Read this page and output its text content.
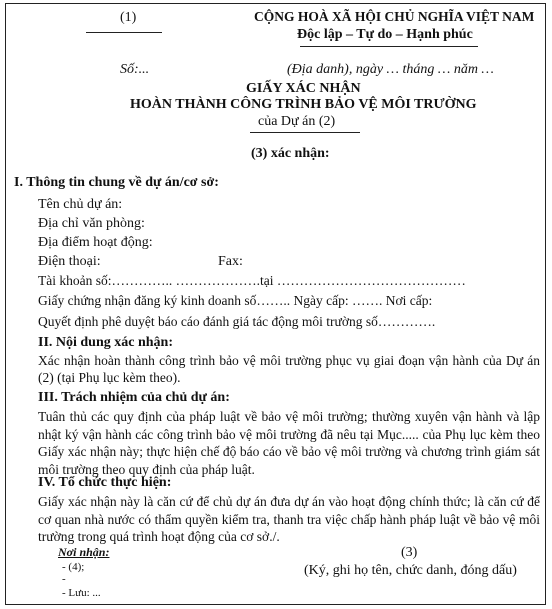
(1)	CỘNG HOÀ XÃ HỘI CHỦ NGHĨA VIỆT NAM
Độc lập – Tự do – Hạnh phúc
Số:...	(Địa danh), ngày … tháng … năm …
GIẤY XÁC NHẬN
HOÀN THÀNH CÔNG TRÌNH BẢO VỆ MÔI TRƯỜNG
của Dự án (2)
(3) xác nhận:
I. Thông tin chung về dự án/cơ sở:
Tên chủ dự án:
Địa chỉ văn phòng:
Địa điểm hoạt động:
Điện thoại:	Fax:
Tài khoản số:………….. ……………….tại ……………………………………
Giấy chứng nhận đăng ký kinh doanh số…….. Ngày cấp: ……. Nơi cấp:
Quyết định phê duyệt báo cáo đánh giá tác động môi trường số………….
II. Nội dung xác nhận:
Xác nhận hoàn thành công trình bảo vệ môi trường phục vụ giai đoạn vận hành của Dự án (2) (tại Phụ lục kèm theo).
III. Trách nhiệm của chủ dự án:
Tuân thủ các quy định của pháp luật về bảo vệ môi trường; thường xuyên vận hành và lập nhật ký vận hành các công trình bảo vệ môi trường đã nêu tại Mục..... của Phụ lục kèm theo Giấy xác nhận này; thực hiện chế độ báo cáo về bảo vệ môi trường và chương trình giám sát môi trường theo quy định của pháp luật.
IV. Tổ chức thực hiện:
Giấy xác nhận này là căn cứ để chủ dự án đưa dự án vào hoạt động chính thức; là căn cứ để cơ quan nhà nước có thẩm quyền kiểm tra, thanh tra việc chấp hành pháp luật về bảo vệ môi trường trong quá trình hoạt động của cơ sở./.
Nơi nhận:
- (4);
-
- Lưu: ...
(3)
(Ký, ghi họ tên, chức danh, đóng dấu)
